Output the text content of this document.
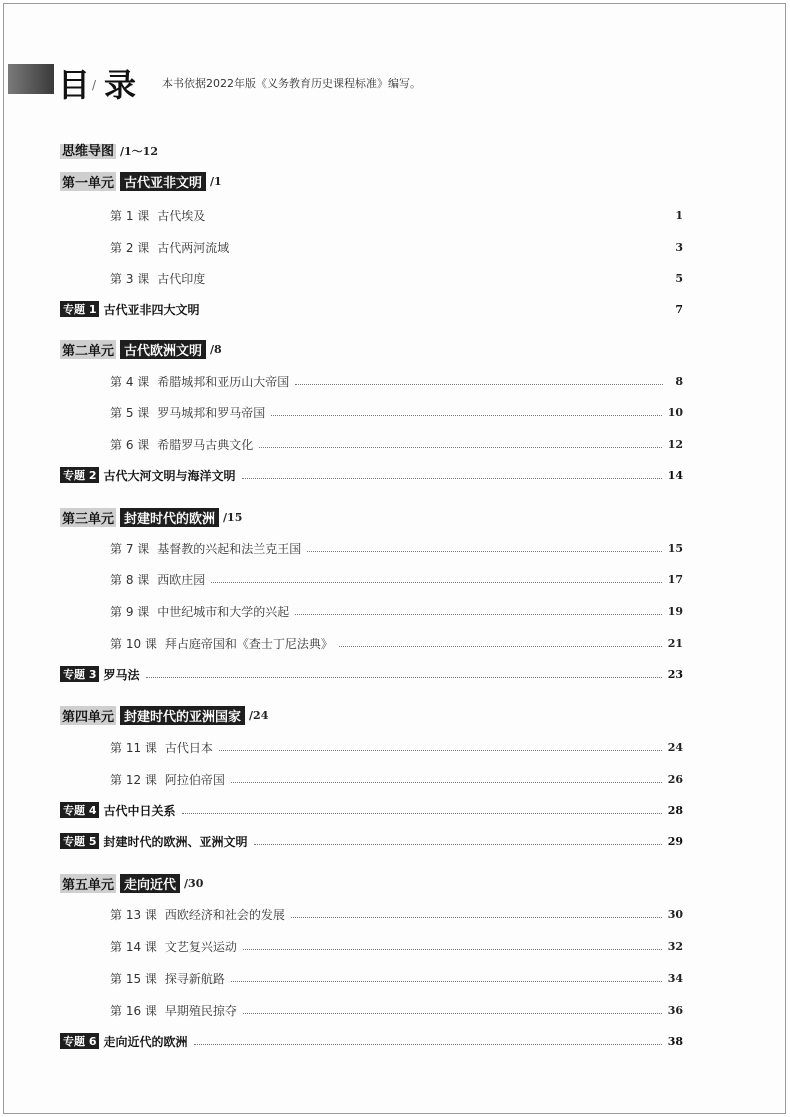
目 / 录 本书依据2022年版《义务教育历史课程标准》编写。
思维导图 /1～12
第一单元 古代亚非文明 /1
第 1 课 古代埃及	1
第 2 课 古代两河流域	3
第 3 课 古代印度	5
专题 1 古代亚非四大文明	7
第二单元 古代欧洲文明 /8
第 4 课 希腊城邦和亚历山大帝国	8
第 5 课 罗马城邦和罗马帝国	10
第 6 课 希腊罗马古典文化	12
专题 2 古代大河文明与海洋文明	14
第三单元 封建时代的欧洲 /15
第 7 课 基督教的兴起和法兰克王国	15
第 8 课 西欧庄园	17
第 9 课 中世纪城市和大学的兴起	19
第 10 课 拜占庭帝国和《查士丁尼法典》	21
专题 3 罗马法	23
第四单元 封建时代的亚洲国家 /24
第 11 课 古代日本	24
第 12 课 阿拉伯帝国	26
专题 4 古代中日关系	28
专题 5 封建时代的欧洲、亚洲文明	29
第五单元 走向近代 /30
第 13 课 西欧经济和社会的发展	30
第 14 课 文艺复兴运动	32
第 15 课 探寻新航路	34
第 16 课 早期殖民掠夺	36
专题 6 走向近代的欧洲	38
